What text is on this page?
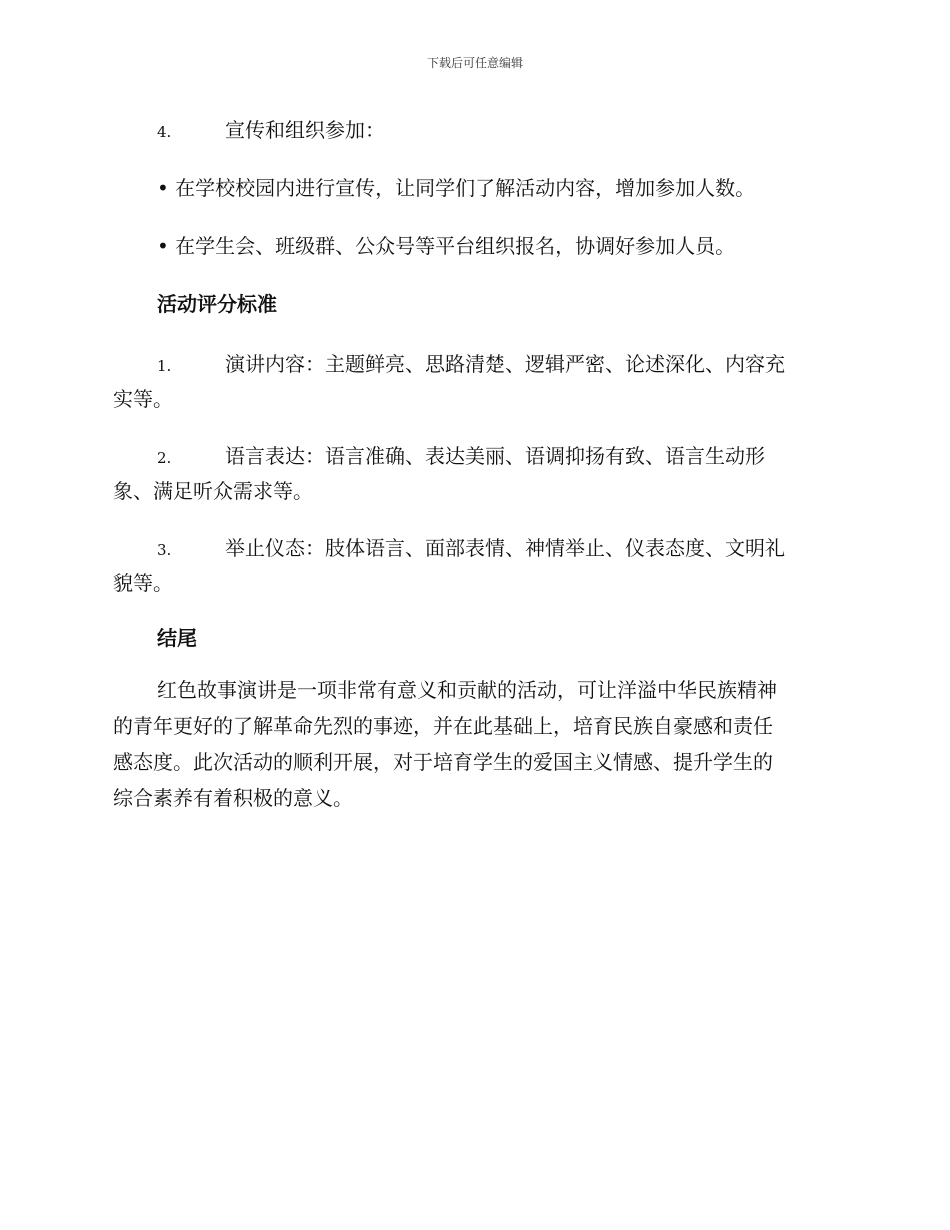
下载后可任意编辑
4.	宣传和组织参加：
• 在学校校园内进行宣传，让同学们了解活动内容，增加参加人数。
• 在学生会、班级群、公众号等平台组织报名，协调好参加人员。
活动评分标准
1.	演讲内容：主题鲜亮、思路清楚、逻辑严密、论述深化、内容充
实等。
2.	语言表达：语言准确、表达美丽、语调抑扬有致、语言生动形
象、满足听众需求等。
3.	举止仪态：肢体语言、面部表情、神情举止、仪表态度、文明礼
貌等。
结尾
红色故事演讲是一项非常有意义和贡献的活动，可让洋溢中华民族精神
的青年更好的了解革命先烈的事迹，并在此基础上，培育民族自豪感和责任
感态度。此次活动的顺利开展，对于培育学生的爱国主义情感、提升学生的
综合素养有着积极的意义。
